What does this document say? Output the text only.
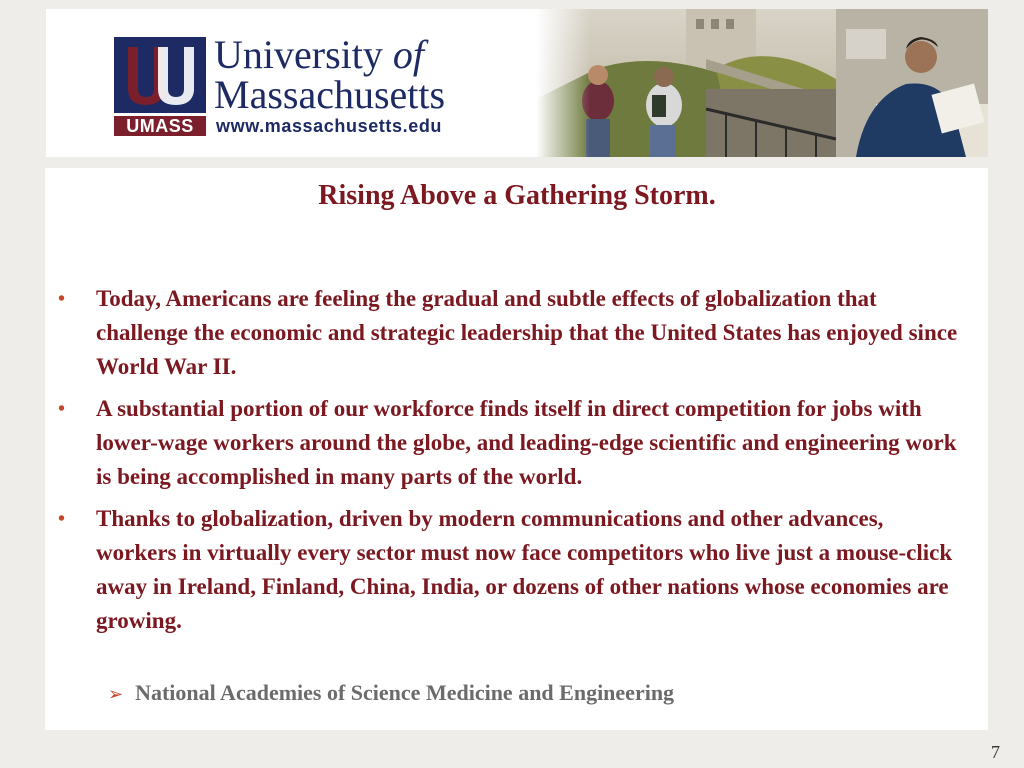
UMASS
University of
Massachusetts
www.massachusetts.edu
Rising Above a Gathering Storm.
• Today, Americans are feeling the gradual and subtle effects of globalization that challenge the economic and strategic leadership that the United States has enjoyed since World War II.
• A substantial portion of our workforce finds itself in direct competition for jobs with lower-wage workers around the globe, and leading-edge scientific and engineering work is being accomplished in many parts of the world.
• Thanks to globalization, driven by modern communications and other advances, workers in virtually every sector must now face competitors who live just a mouse-click away in Ireland, Finland, China, India, or dozens of other nations whose economies are growing.
➢ National Academies of Science Medicine and Engineering
7
